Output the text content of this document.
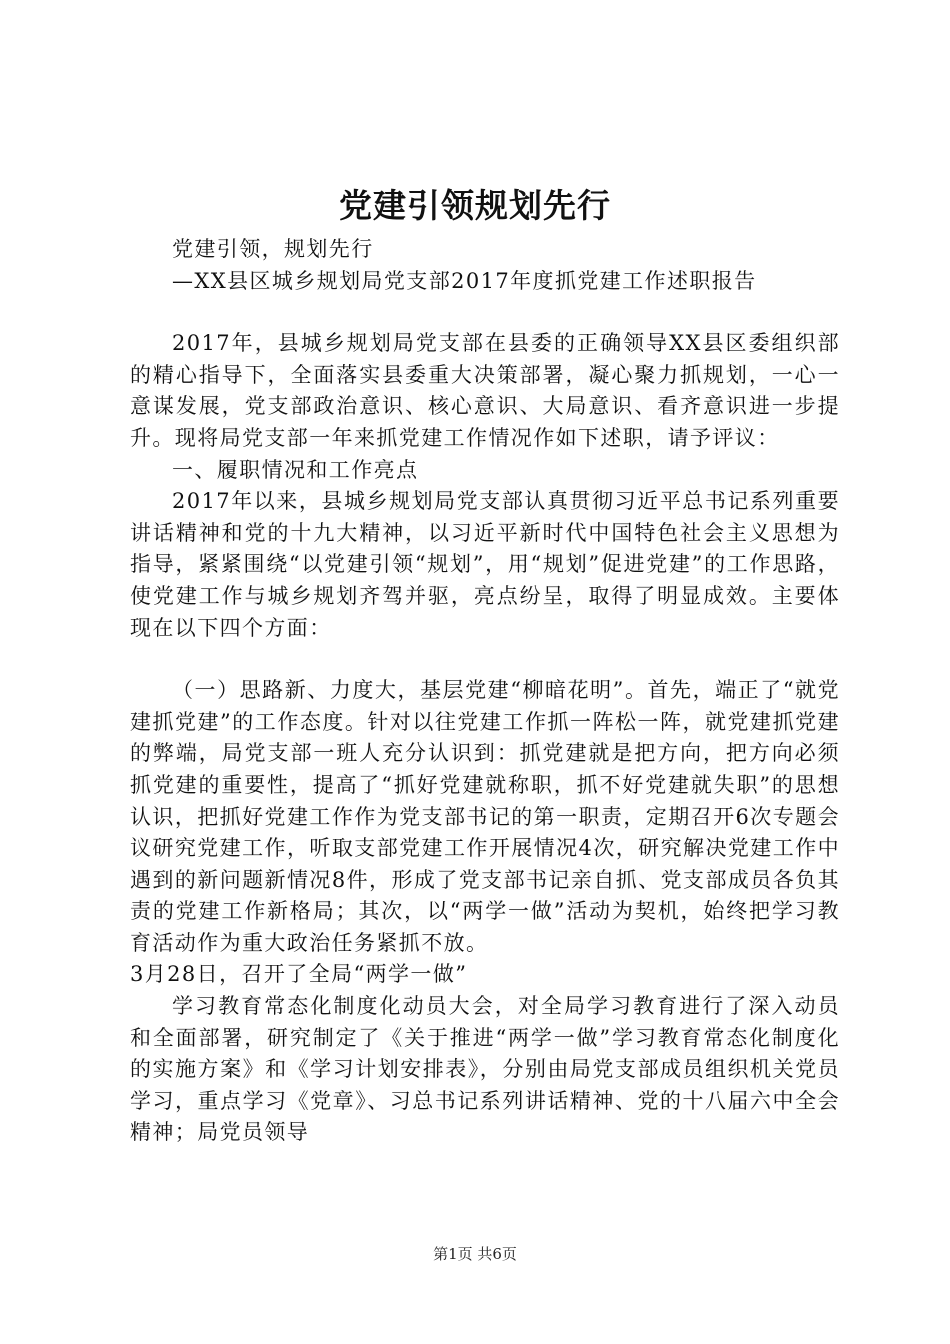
党建引领规划先行

党建引领，规划先行

—XX县区城乡规划局党支部2017年度抓党建工作述职报告

2017年，县城乡规划局党支部在县委的正确领导XX县区委组织部的精心指导下，全面落实县委重大决策部署，凝心聚力抓规划，一心一意谋发展，党支部政治意识、核心意识、大局意识、看齐意识进一步提升。现将局党支部一年来抓党建工作情况作如下述职，请予评议：

一、履职情况和工作亮点

2017年以来，县城乡规划局党支部认真贯彻习近平总书记系列重要讲话精神和党的十九大精神，以习近平新时代中国特色社会主义思想为指导，紧紧围绕“以党建引领“规划”，用“规划”促进党建”的工作思路，使党建工作与城乡规划齐驾并驱，亮点纷呈，取得了明显成效。主要体现在以下四个方面：

（一）思路新、力度大，基层党建“柳暗花明”。首先，端正了“就党建抓党建”的工作态度。针对以往党建工作抓一阵松一阵，就党建抓党建的弊端，局党支部一班人充分认识到：抓党建就是把方向，把方向必须抓党建的重要性，提高了“抓好党建就称职，抓不好党建就失职”的思想认识，把抓好党建工作作为党支部书记的第一职责，定期召开6次专题会议研究党建工作，听取支部党建工作开展情况4次，研究解决党建工作中遇到的新问题新情况8件，形成了党支部书记亲自抓、党支部成员各负其责的党建工作新格局；其次，以“两学一做”活动为契机，始终把学习教育活动作为重大政治任务紧抓不放。

3月28日，召开了全局“两学一做”

学习教育常态化制度化动员大会，对全局学习教育进行了深入动员和全面部署，研究制定了《关于推进“两学一做”学习教育常态化制度化的实施方案》和《学习计划安排表》，分别由局党支部成员组织机关党员学习，重点学习《党章》、习总书记系列讲话精神、党的十八届六中全会精神；局党员领导

第1页 共6页
